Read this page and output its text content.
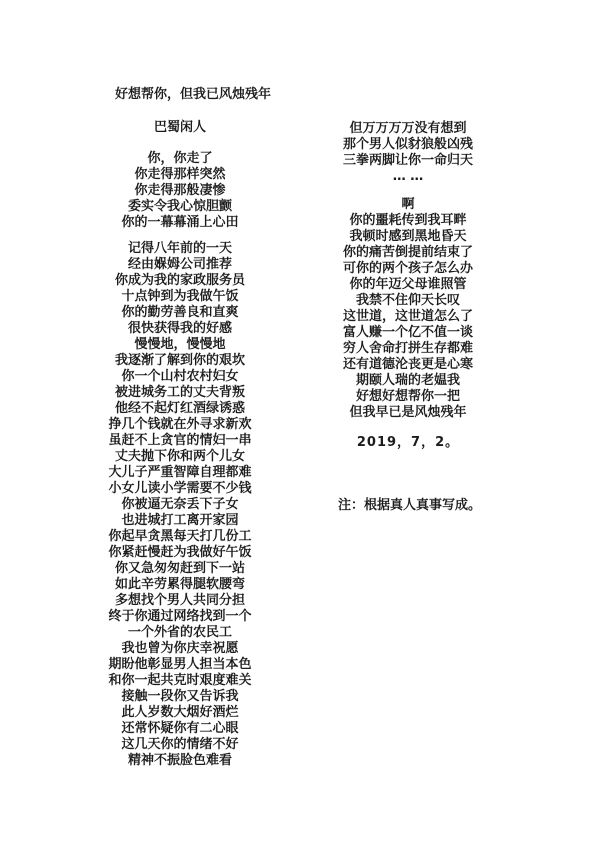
好想帮你，但我已风烛残年
巴蜀闲人
你，你走了
你走得那样突然
你走得那般凄惨
委实令我心惊胆颤
你的一幕幕涌上心田
记得八年前的一天
经由媬姆公司推荐
你成为我的家政服务员
十点钟到为我做午饭
你的勤劳善良和直爽
很快获得我的好感
慢慢地，慢慢地
我逐渐了解到你的艰坎
你一个山村农村妇女
被进城务工的丈夫背叛
他经不起灯红酒绿诱惑
挣几个钱就在外寻求新欢
虽赶不上贪官的情妇一串
丈夫抛下你和两个儿女
大儿子严重智障自理都难
小女儿读小学需要不少钱
你被逼无奈丢下子女
也进城打工离开家园
你起早贪黑每天打几份工
你紧赶慢赶为我做好午饭
你又急匆匆赶到下一站
如此辛劳累得腿软腰弯
多想找个男人共同分担
终于你通过网络找到一个
一个外省的农民工
我也曾为你庆幸祝愿
期盼他彰显男人担当本色
和你一起共克时艰度难关
接触一段你又告诉我
此人岁数大烟好酒烂
还常怀疑你有二心眼
这几天你的情绪不好
精神不振脸色难看
但万万万万没有想到
那个男人似豺狼般凶残
三拳两脚让你一命归天
… …
啊
你的噩耗传到我耳畔
我顿时感到黑地昏天
你的痛苦倒提前结束了
可你的两个孩子怎么办
你的年迈父母谁照管
我禁不住仰天长叹
这世道，这世道怎么了
富人赚一个亿不值一谈
穷人舍命打拼生存都难
还有道德沦丧更是心寒
期颐人瑞的老媪我
好想好想帮你一把
但我早已是风烛残年
2019，7，2。
注：根据真人真事写成。
